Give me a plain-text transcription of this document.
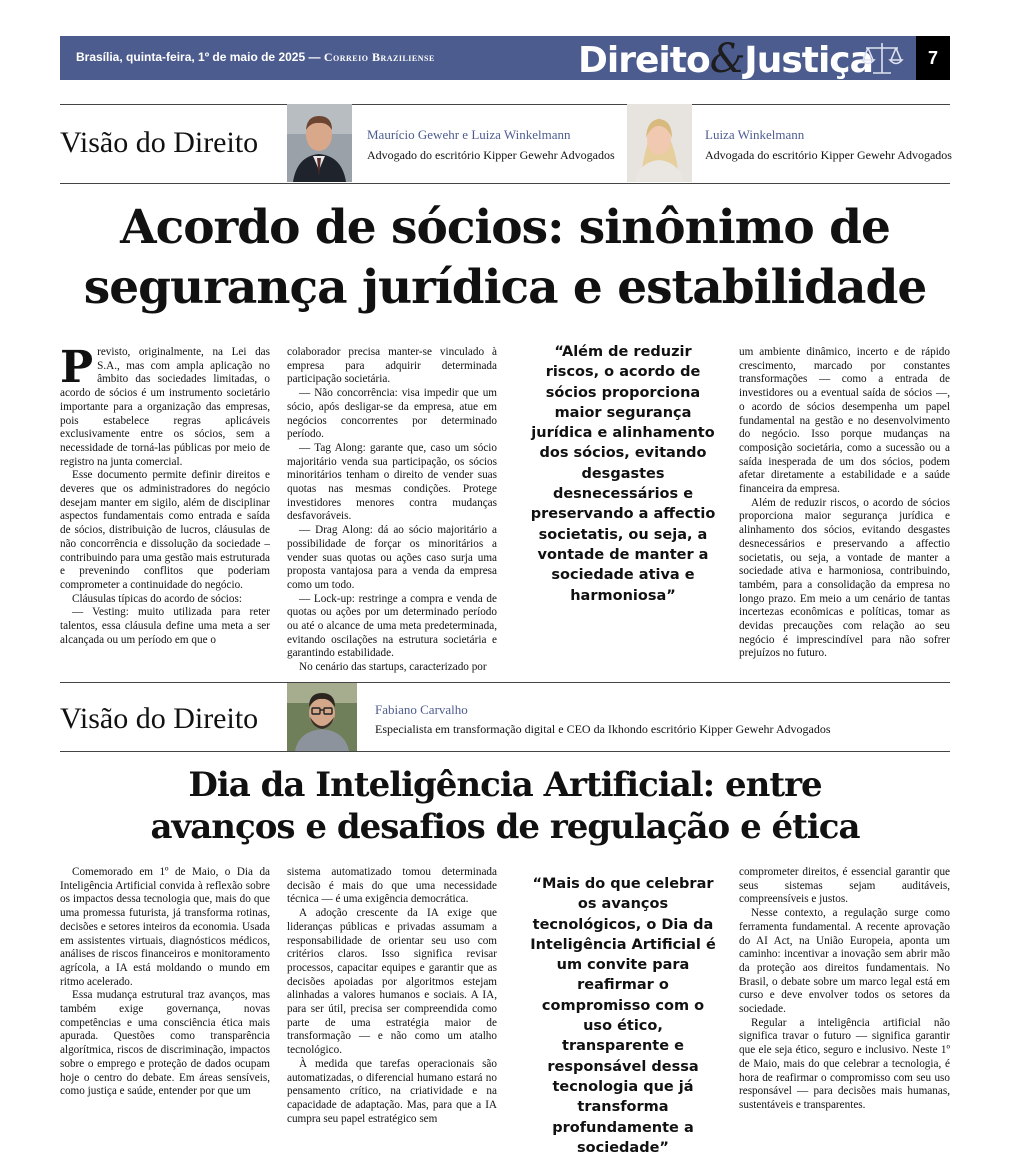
Brasília, quinta-feira, 1º de maio de 2025 — Correio Braziliense	Direito&Justiça	7
Visão do Direito	Maurício Gewehr e Luiza Winkelmann
Advogado do escritório Kipper Gewehr Advogados
Luiza Winkelmann
Advogada do escritório Kipper Gewehr Advogados
Acordo de sócios: sinônimo de
segurança jurídica e estabilidade

Previsto, originalmente, na Lei das S.A., mas com ampla aplicação no âmbito das sociedades limitadas, o acordo de sócios é um instrumento societário importante para a organização das empresas, pois estabelece regras aplicáveis exclusivamente entre os sócios, sem a necessidade de torná-las públicas por meio de registro na junta comercial.

Esse documento permite definir direitos e deveres que os administradores do negócio desejam manter em sigilo, além de disciplinar aspectos fundamentais como entrada e saída de sócios, distribuição de lucros, cláusulas de não concorrência e dissolução da sociedade – contribuindo para uma gestão mais estruturada e prevenindo conflitos que poderiam comprometer a continuidade do negócio.

Cláusulas típicas do acordo de sócios:

— Vesting: muito utilizada para reter talentos, essa cláusula define uma meta a ser alcançada ou um período em que o

colaborador precisa manter-se vinculado à empresa para adquirir determinada participação societária.

— Não concorrência: visa impedir que um sócio, após desligar-se da empresa, atue em negócios concorrentes por determinado período.

— Tag Along: garante que, caso um sócio majoritário venda sua participação, os sócios minoritários tenham o direito de vender suas quotas nas mesmas condições. Protege investidores menores contra mudanças desfavoráveis.

— Drag Along: dá ao sócio majoritário a possibilidade de forçar os minoritários a vender suas quotas ou ações caso surja uma proposta vantajosa para a venda da empresa como um todo.

— Lock-up: restringe a compra e venda de quotas ou ações por um determinado período ou até o alcance de uma meta predeterminada, evitando oscilações na estrutura societária e garantindo estabilidade.

No cenário das startups, caracterizado por

“Além de reduzir riscos, o acordo de sócios proporciona maior segurança jurídica e alinhamento dos sócios, evitando desgastes desnecessários e preservando a affectio societatis, ou seja, a vontade de manter a sociedade ativa e harmoniosa”

um ambiente dinâmico, incerto e de rápido crescimento, marcado por constantes transformações — como a entrada de investidores ou a eventual saída de sócios —, o acordo de sócios desempenha um papel fundamental na gestão e no desenvolvimento do negócio. Isso porque mudanças na composição societária, como a sucessão ou a saída inesperada de um dos sócios, podem afetar diretamente a estabilidade e a saúde financeira da empresa.

Além de reduzir riscos, o acordo de sócios proporciona maior segurança jurídica e alinhamento dos sócios, evitando desgastes desnecessários e preservando a affectio societatis, ou seja, a vontade de manter a sociedade ativa e harmoniosa, contribuindo, também, para a consolidação da empresa no longo prazo. Em meio a um cenário de tantas incertezas econômicas e políticas, tomar as devidas precauções com relação ao seu negócio é imprescindível para não sofrer prejuízos no futuro.

Visão do Direito	Fabiano Carvalho
Especialista em transformação digital e CEO da Ikhondo escritório Kipper Gewehr Advogados
Dia da Inteligência Artificial: entre
avanços e desafios de regulação e ética

Comemorado em 1º de Maio, o Dia da Inteligência Artificial convida à reflexão sobre os impactos dessa tecnologia que, mais do que uma promessa futurista, já transforma rotinas, decisões e setores inteiros da economia. Usada em assistentes virtuais, diagnósticos médicos, análises de riscos financeiros e monitoramento agrícola, a IA está moldando o mundo em ritmo acelerado.

Essa mudança estrutural traz avanços, mas também exige governança, novas competências e uma consciência ética mais apurada. Questões como transparência algorítmica, riscos de discriminação, impactos sobre o emprego e proteção de dados ocupam hoje o centro do debate. Em áreas sensíveis, como justiça e saúde, entender por que um

sistema automatizado tomou determinada decisão é mais do que uma necessidade técnica — é uma exigência democrática.

A adoção crescente da IA exige que lideranças públicas e privadas assumam a responsabilidade de orientar seu uso com critérios claros. Isso significa revisar processos, capacitar equipes e garantir que as decisões apoiadas por algoritmos estejam alinhadas a valores humanos e sociais. A IA, para ser útil, precisa ser compreendida como parte de uma estratégia maior de transformação — e não como um atalho tecnológico.

À medida que tarefas operacionais são automatizadas, o diferencial humano estará no pensamento crítico, na criatividade e na capacidade de adaptação. Mas, para que a IA cumpra seu papel estratégico sem

“Mais do que celebrar os avanços tecnológicos, o Dia da Inteligência Artificial é um convite para reafirmar o compromisso com o uso ético, transparente e responsável dessa tecnologia que já transforma profundamente a sociedade”

comprometer direitos, é essencial garantir que seus sistemas sejam auditáveis, compreensíveis e justos.

Nesse contexto, a regulação surge como ferramenta fundamental. A recente aprovação do AI Act, na União Europeia, aponta um caminho: incentivar a inovação sem abrir mão da proteção aos direitos fundamentais. No Brasil, o debate sobre um marco legal está em curso e deve envolver todos os setores da sociedade.

Regular a inteligência artificial não significa travar o futuro — significa garantir que ele seja ético, seguro e inclusivo. Neste 1º de Maio, mais do que celebrar a tecnologia, é hora de reafirmar o compromisso com seu uso responsável — para decisões mais humanas, sustentáveis e transparentes.
